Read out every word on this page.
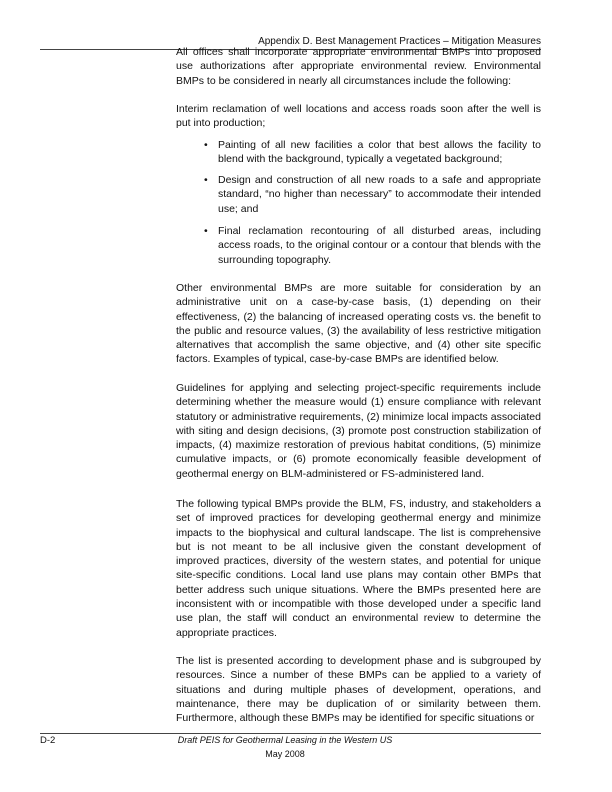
Appendix D. Best Management Practices – Mitigation Measures

All offices shall incorporate appropriate environmental BMPs into proposed use authorizations after appropriate environmental review. Environmental BMPs to be considered in nearly all circumstances include the following:

Interim reclamation of well locations and access roads soon after the well is put into production;

• Painting of all new facilities a color that best allows the facility to blend with the background, typically a vegetated background;
• Design and construction of all new roads to a safe and appropriate standard, “no higher than necessary” to accommodate their intended use; and
• Final reclamation recontouring of all disturbed areas, including access roads, to the original contour or a contour that blends with the surrounding topography.

Other environmental BMPs are more suitable for consideration by an administrative unit on a case-by-case basis, (1) depending on their effectiveness, (2) the balancing of increased operating costs vs. the benefit to the public and resource values, (3) the availability of less restrictive mitigation alternatives that accomplish the same objective, and (4) other site specific factors. Examples of typical, case-by-case BMPs are identified below.

Guidelines for applying and selecting project-specific requirements include determining whether the measure would (1) ensure compliance with relevant statutory or administrative requirements, (2) minimize local impacts associated with siting and design decisions, (3) promote post construction stabilization of impacts, (4) maximize restoration of previous habitat conditions, (5) minimize cumulative impacts, or (6) promote economically feasible development of geothermal energy on BLM-administered or FS-administered land.

The following typical BMPs provide the BLM, FS, industry, and stakeholders a set of improved practices for developing geothermal energy and minimize impacts to the biophysical and cultural landscape. The list is comprehensive but is not meant to be all inclusive given the constant development of improved practices, diversity of the western states, and potential for unique site-specific conditions. Local land use plans may contain other BMPs that better address such unique situations. Where the BMPs presented here are inconsistent with or incompatible with those developed under a specific land use plan, the staff will conduct an environmental review to determine the appropriate practices.

The list is presented according to development phase and is subgrouped by resources. Since a number of these BMPs can be applied to a variety of situations and during multiple phases of development, operations, and maintenance, there may be duplication of or similarity between them. Furthermore, although these BMPs may be identified for specific situations or

D-2	Draft PEIS for Geothermal Leasing in the Western US
May 2008
